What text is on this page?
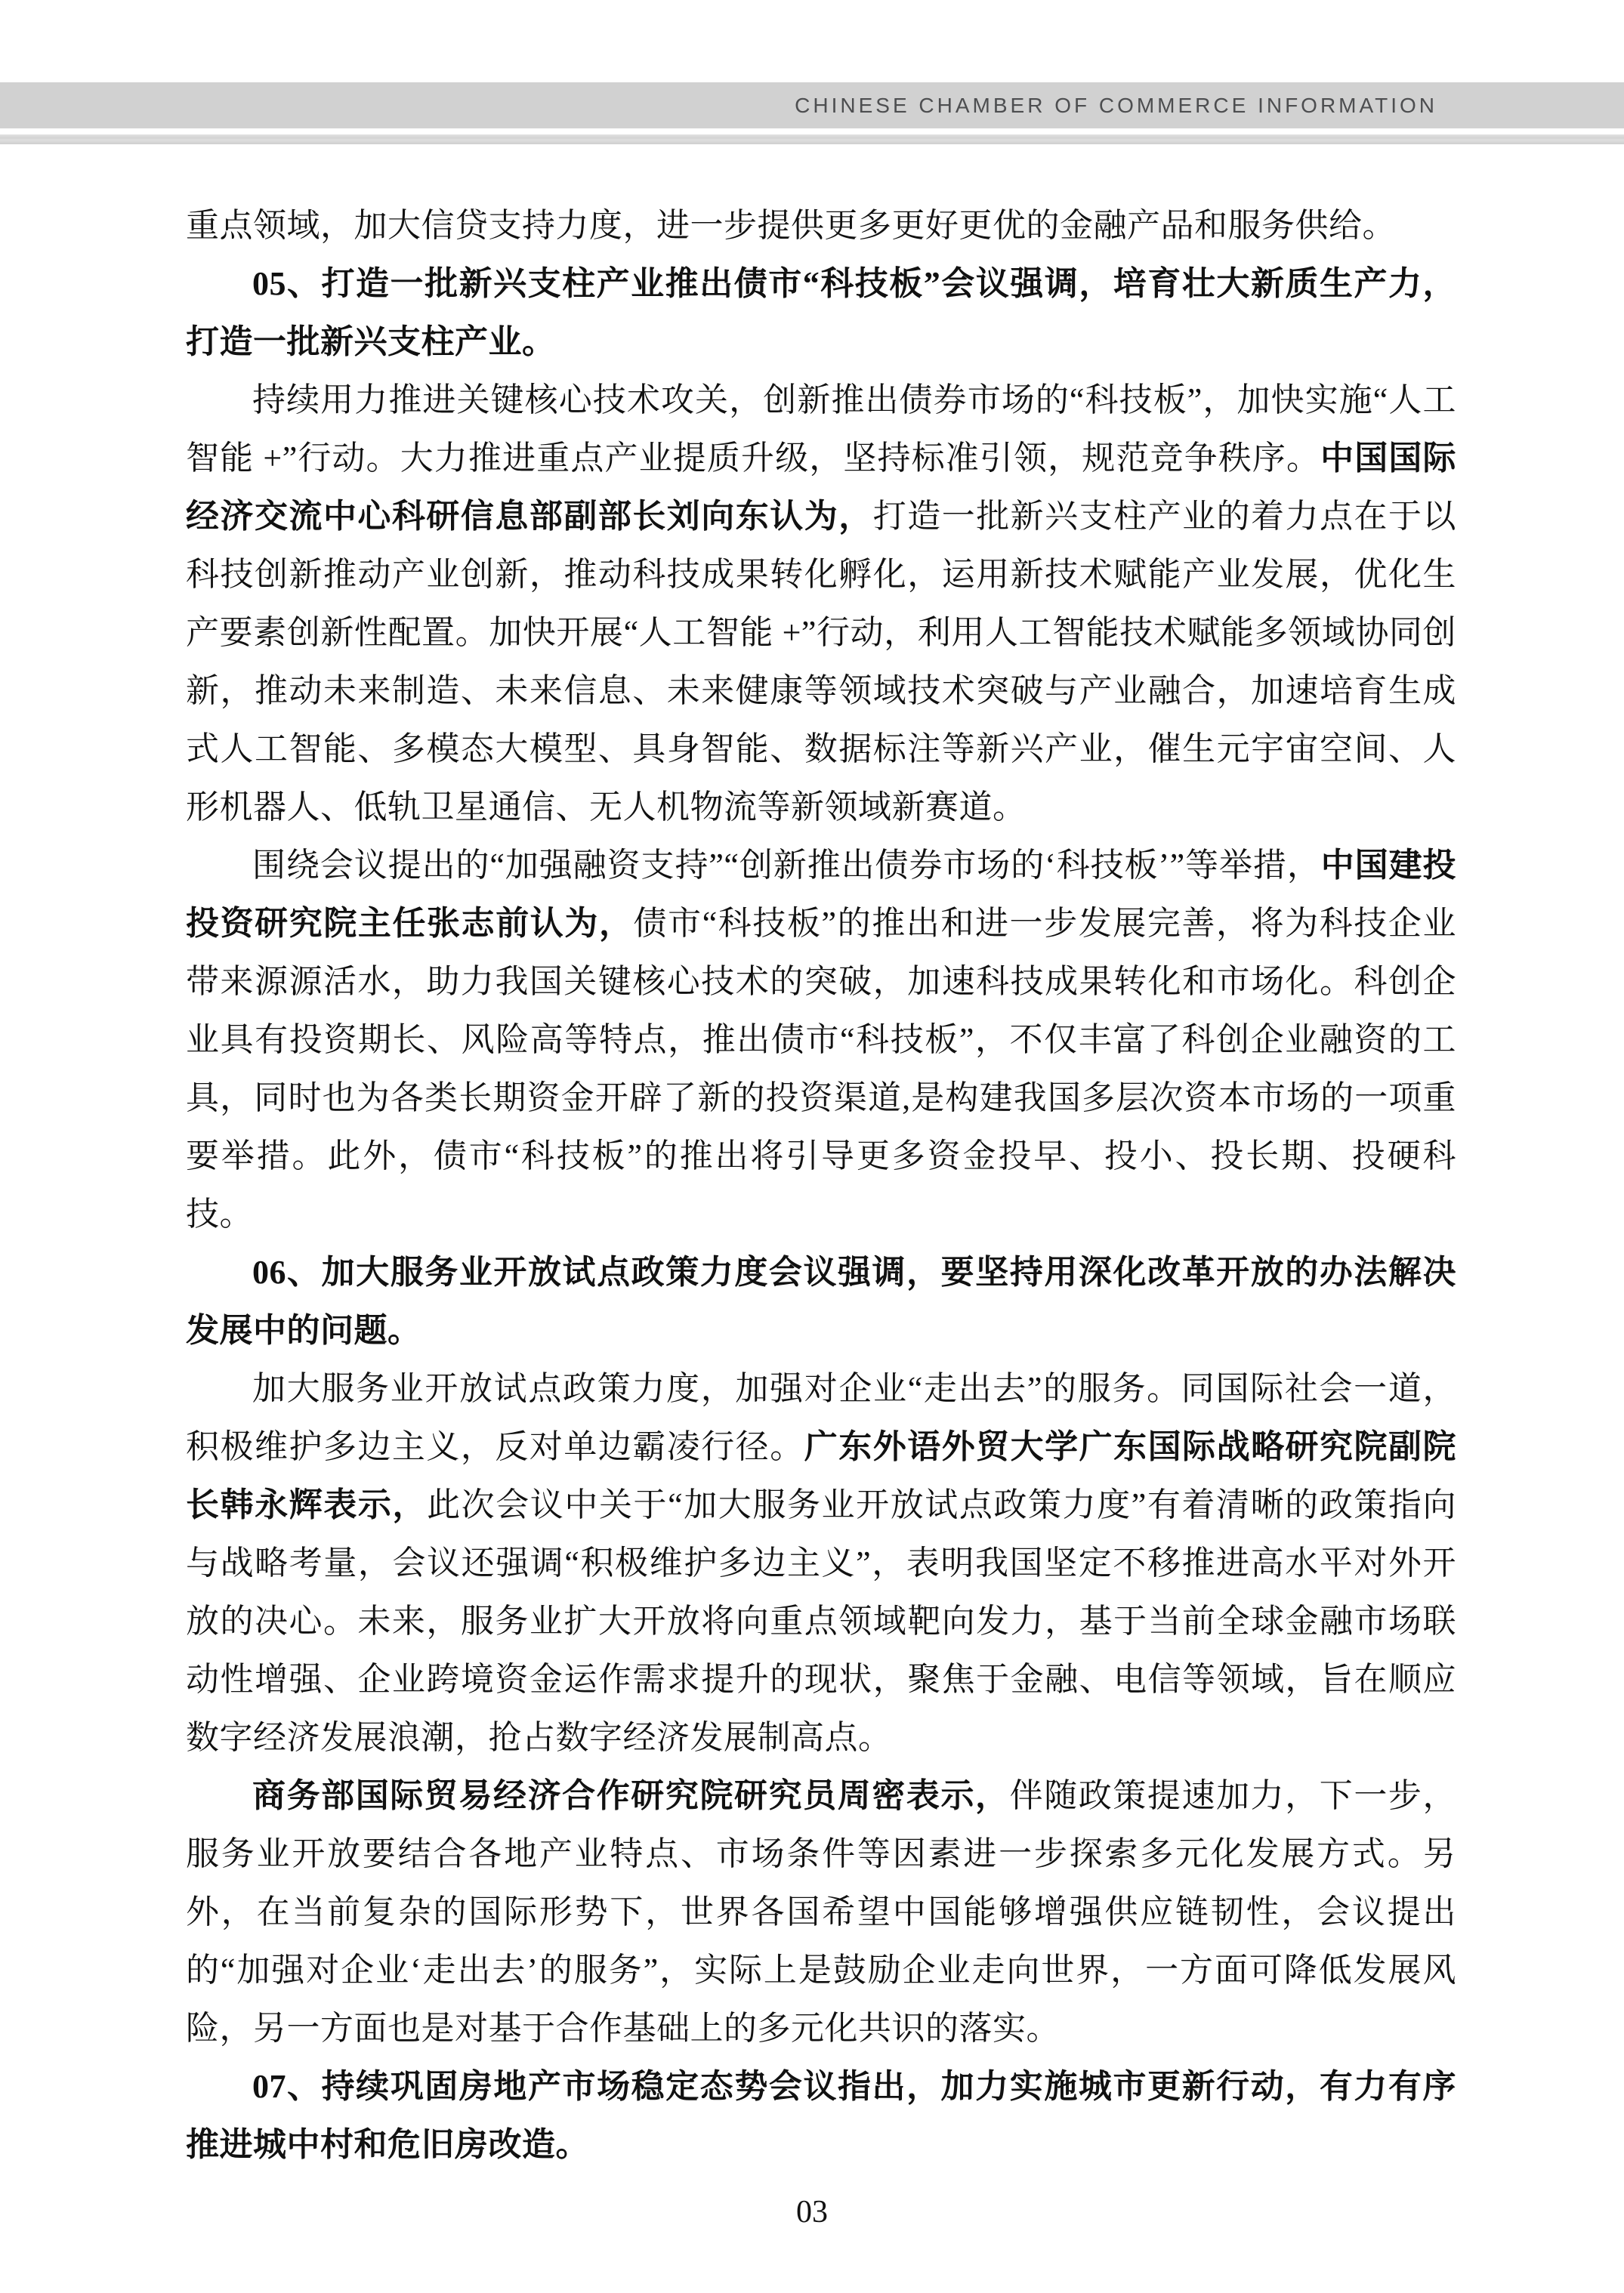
CHINESE CHAMBER OF COMMERCE INFORMATION

重点领域，加大信贷支持力度，进一步提供更多更好更优的金融产品和服务供给。

05、打造一批新兴支柱产业推出债市“科技板”会议强调，培育壮大新质生产力，打造一批新兴支柱产业。

持续用力推进关键核心技术攻关，创新推出债券市场的“科技板”，加快实施“人工智能 +”行动。大力推进重点产业提质升级，坚持标准引领，规范竞争秩序。中国国际经济交流中心科研信息部副部长刘向东认为，打造一批新兴支柱产业的着力点在于以科技创新推动产业创新，推动科技成果转化孵化，运用新技术赋能产业发展，优化生产要素创新性配置。加快开展“人工智能 +”行动，利用人工智能技术赋能多领域协同创新，推动未来制造、未来信息、未来健康等领域技术突破与产业融合，加速培育生成式人工智能、多模态大模型、具身智能、数据标注等新兴产业，催生元宇宙空间、人形机器人、低轨卫星通信、无人机物流等新领域新赛道。

围绕会议提出的“加强融资支持”“创新推出债券市场的‘科技板’”等举措，中国建投投资研究院主任张志前认为，债市“科技板”的推出和进一步发展完善，将为科技企业带来源源活水，助力我国关键核心技术的突破，加速科技成果转化和市场化。科创企业具有投资期长、风险高等特点，推出债市“科技板”，不仅丰富了科创企业融资的工具，同时也为各类长期资金开辟了新的投资渠道,是构建我国多层次资本市场的一项重要举措。此外，债市“科技板”的推出将引导更多资金投早、投小、投长期、投硬科技。

06、加大服务业开放试点政策力度会议强调，要坚持用深化改革开放的办法解决发展中的问题。

加大服务业开放试点政策力度，加强对企业“走出去”的服务。同国际社会一道，积极维护多边主义，反对单边霸凌行径。广东外语外贸大学广东国际战略研究院副院长韩永辉表示，此次会议中关于“加大服务业开放试点政策力度”有着清晰的政策指向与战略考量，会议还强调“积极维护多边主义”，表明我国坚定不移推进高水平对外开放的决心。未来，服务业扩大开放将向重点领域靶向发力，基于当前全球金融市场联动性增强、企业跨境资金运作需求提升的现状，聚焦于金融、电信等领域，旨在顺应数字经济发展浪潮，抢占数字经济发展制高点。

商务部国际贸易经济合作研究院研究员周密表示，伴随政策提速加力，下一步，服务业开放要结合各地产业特点、市场条件等因素进一步探索多元化发展方式。另外，在当前复杂的国际形势下，世界各国希望中国能够增强供应链韧性，会议提出的“加强对企业‘走出去’的服务”，实际上是鼓励企业走向世界，一方面可降低发展风险，另一方面也是对基于合作基础上的多元化共识的落实。

07、持续巩固房地产市场稳定态势会议指出，加力实施城市更新行动，有力有序推进城中村和危旧房改造。

03
